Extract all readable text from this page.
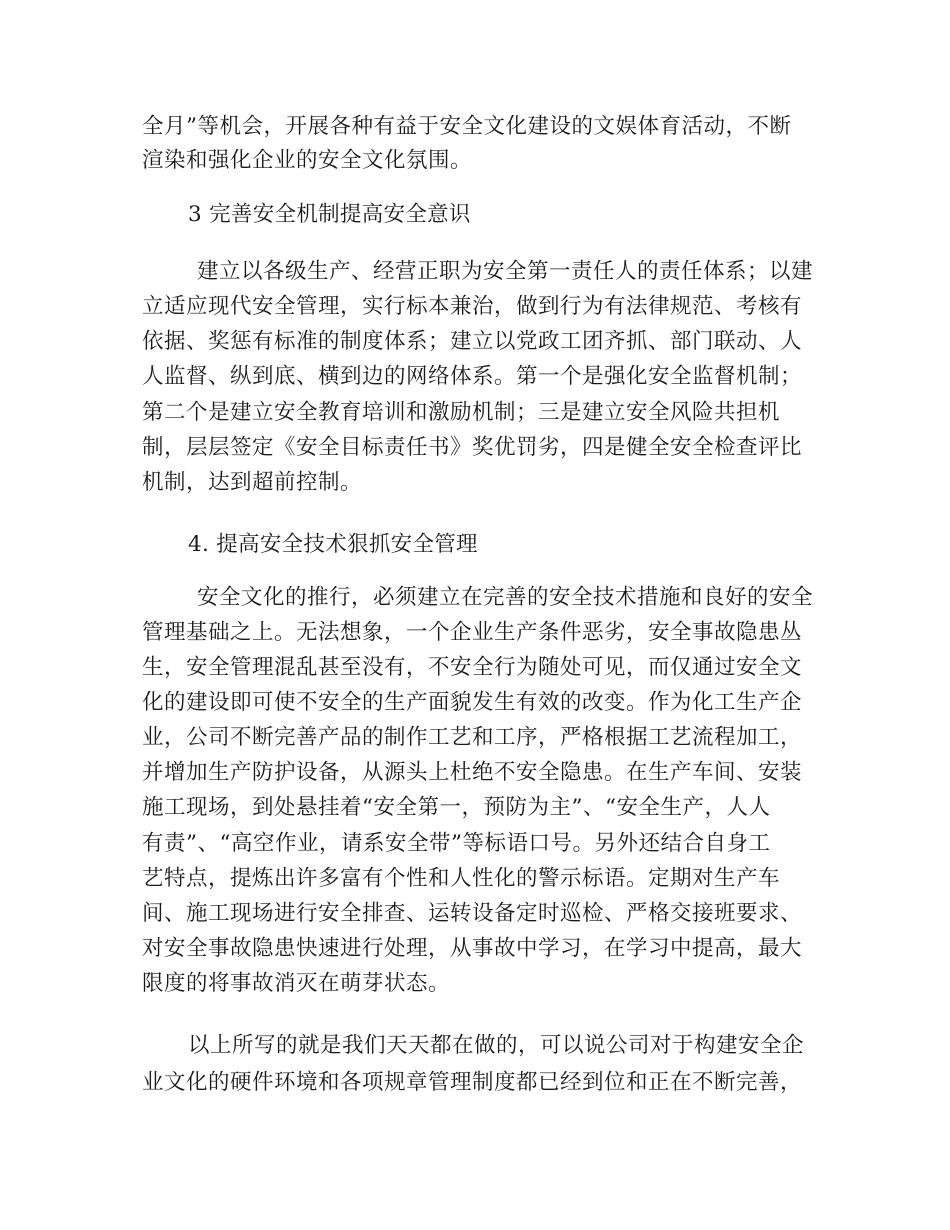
全月”等机会，开展各种有益于安全文化建设的文娱体育活动，不断
渲染和强化企业的安全文化氛围。
3 完善安全机制提高安全意识
建立以各级生产、经营正职为安全第一责任人的责任体系；以建
立适应现代安全管理，实行标本兼治，做到行为有法律规范、考核有
依据、奖惩有标准的制度体系；建立以党政工团齐抓、部门联动、人
人监督、纵到底、横到边的网络体系。第一个是强化安全监督机制；
第二个是建立安全教育培训和激励机制；三是建立安全风险共担机
制，层层签定《安全目标责任书》奖优罚劣，四是健全安全检查评比
机制，达到超前控制。
4. 提高安全技术狠抓安全管理
安全文化的推行，必须建立在完善的安全技术措施和良好的安全
管理基础之上。无法想象，一个企业生产条件恶劣，安全事故隐患丛
生，安全管理混乱甚至没有，不安全行为随处可见，而仅通过安全文
化的建设即可使不安全的生产面貌发生有效的改变。作为化工生产企
业，公司不断完善产品的制作工艺和工序，严格根据工艺流程加工，
并增加生产防护设备，从源头上杜绝不安全隐患。在生产车间、安装
施工现场，到处悬挂着“安全第一，预防为主”、“安全生产，人人
有责”、“高空作业，请系安全带”等标语口号。另外还结合自身工
艺特点，提炼出许多富有个性和人性化的警示标语。定期对生产车
间、施工现场进行安全排查、运转设备定时巡检、严格交接班要求、
对安全事故隐患快速进行处理，从事故中学习，在学习中提高，最大
限度的将事故消灭在萌芽状态。
以上所写的就是我们天天都在做的，可以说公司对于构建安全企
业文化的硬件环境和各项规章管理制度都已经到位和正在不断完善，
